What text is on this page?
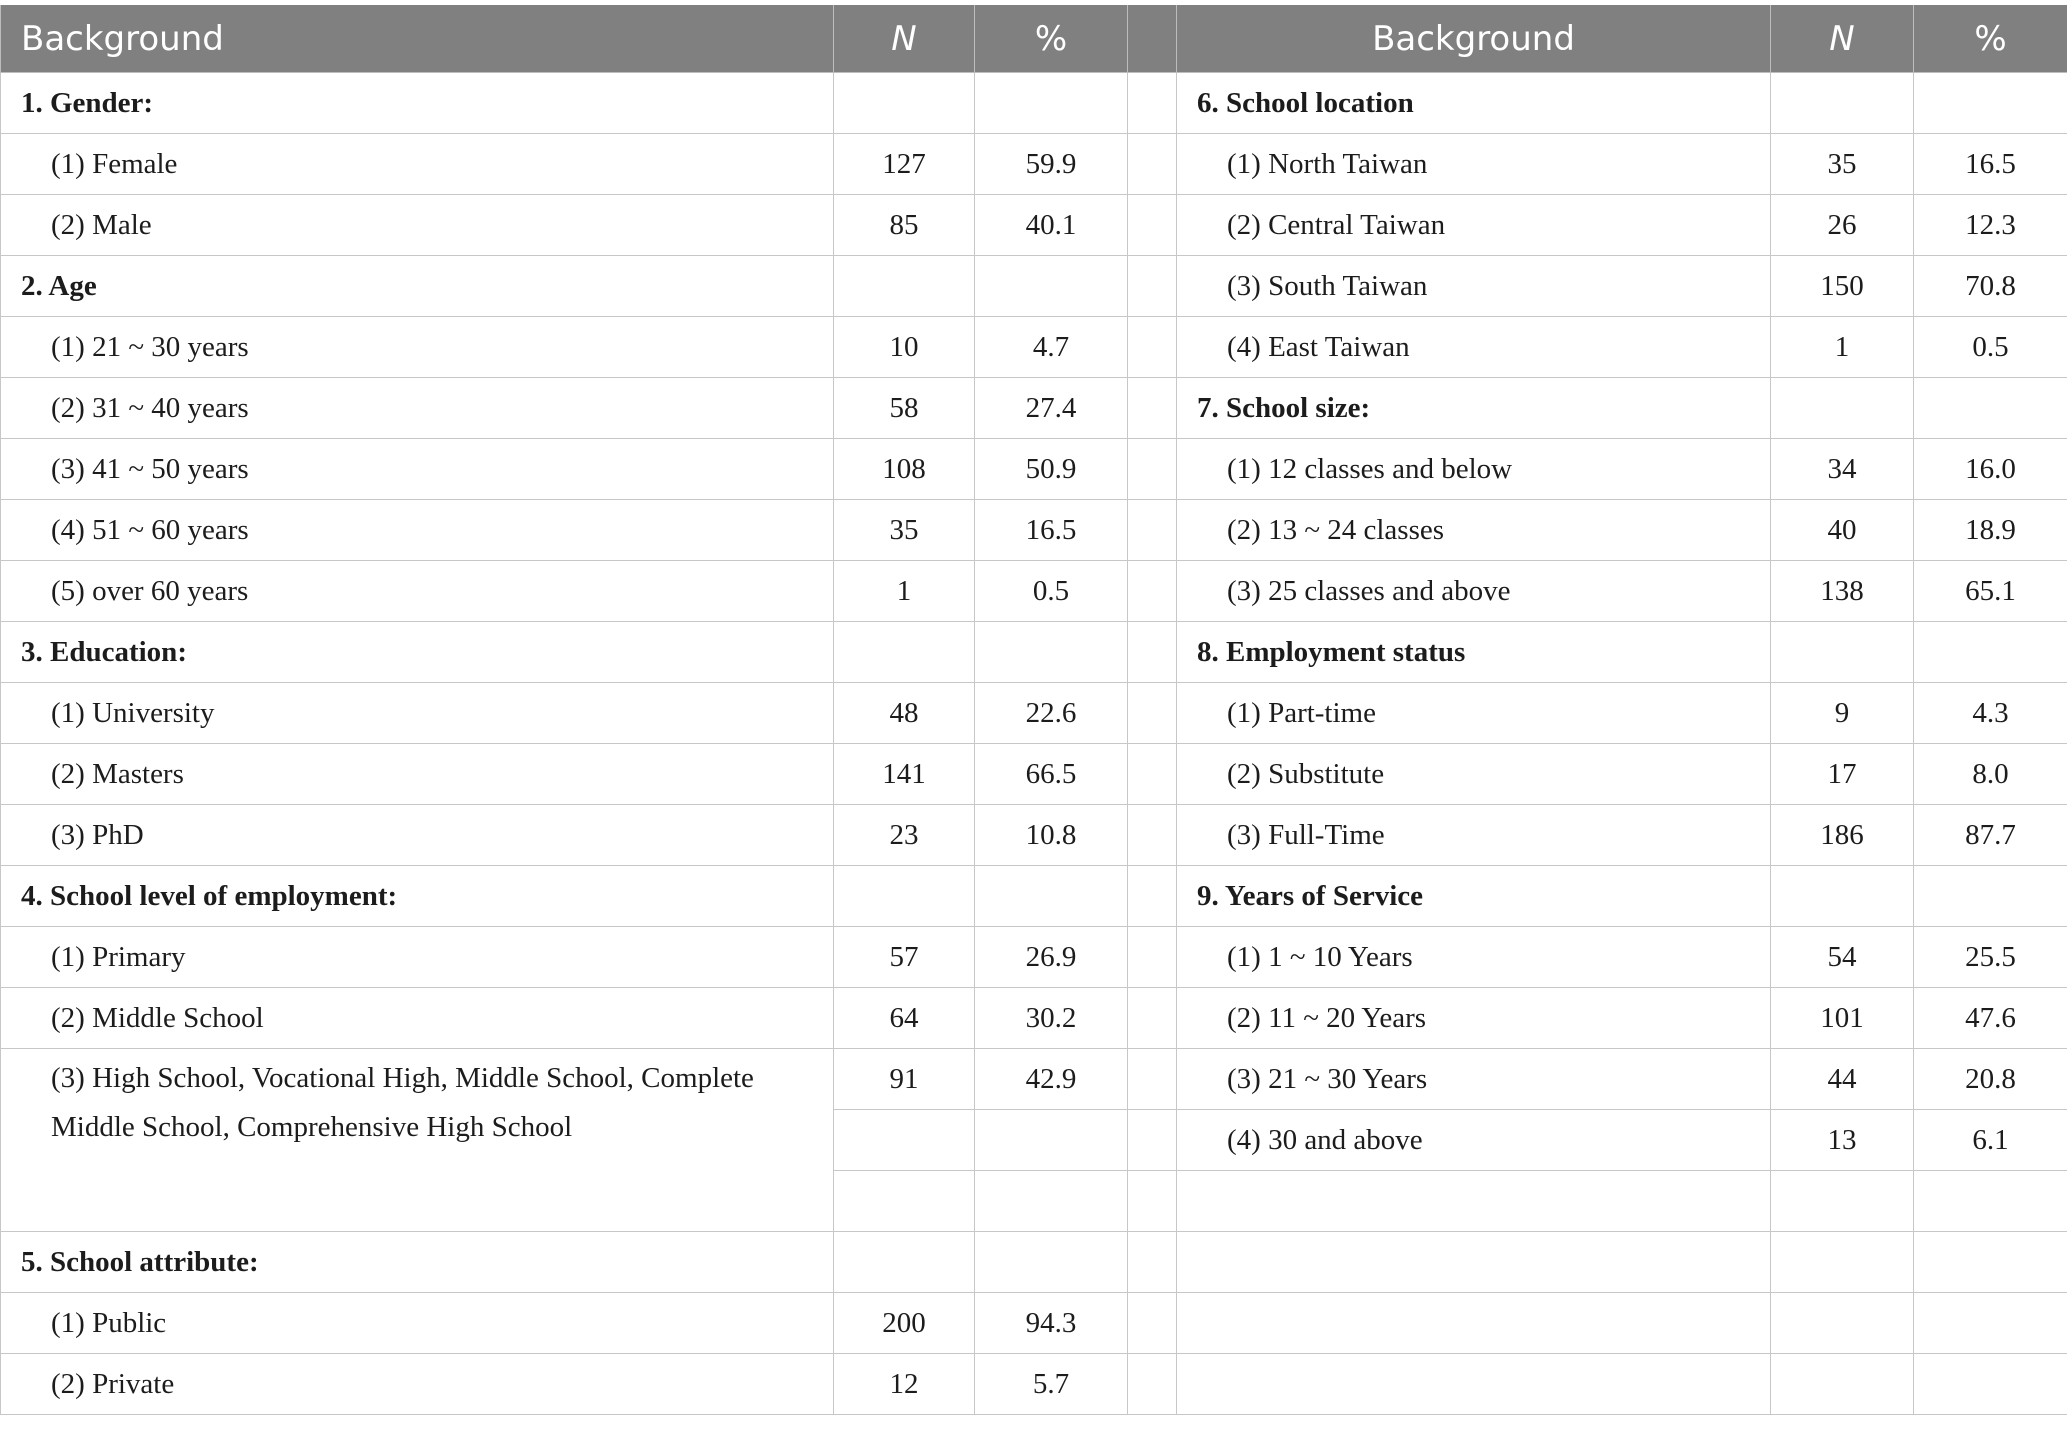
Background	N	%		Background	N	%
1. Gender:				6. School location		
(1) Female	127	59.9		(1) North Taiwan	35	16.5
(2) Male	85	40.1		(2) Central Taiwan	26	12.3
2. Age				(3) South Taiwan	150	70.8
(1) 21 ~ 30 years	10	4.7		(4) East Taiwan	1	0.5
(2) 31 ~ 40 years	58	27.4		7. School size:		
(3) 41 ~ 50 years	108	50.9		(1) 12 classes and below	34	16.0
(4) 51 ~ 60 years	35	16.5		(2) 13 ~ 24 classes	40	18.9
(5) over 60 years	1	0.5		(3) 25 classes and above	138	65.1
3. Education:				8. Employment status		
(1) University	48	22.6		(1) Part-time	9	4.3
(2) Masters	141	66.5		(2) Substitute	17	8.0
(3) PhD	23	10.8		(3) Full-Time	186	87.7
4. School level of employment:				9. Years of Service		
(1) Primary	57	26.9		(1) 1 ~ 10 Years	54	25.5
(2) Middle School	64	30.2		(2) 11 ~ 20 Years	101	47.6
(3) High School, Vocational High, Middle School, Complete Middle School, Comprehensive High School	91	42.9		(3) 21 ~ 30 Years	44	20.8
				(4) 30 and above	13	6.1

5. School attribute:						
(1) Public	200	94.3				
(2) Private	12	5.7				
